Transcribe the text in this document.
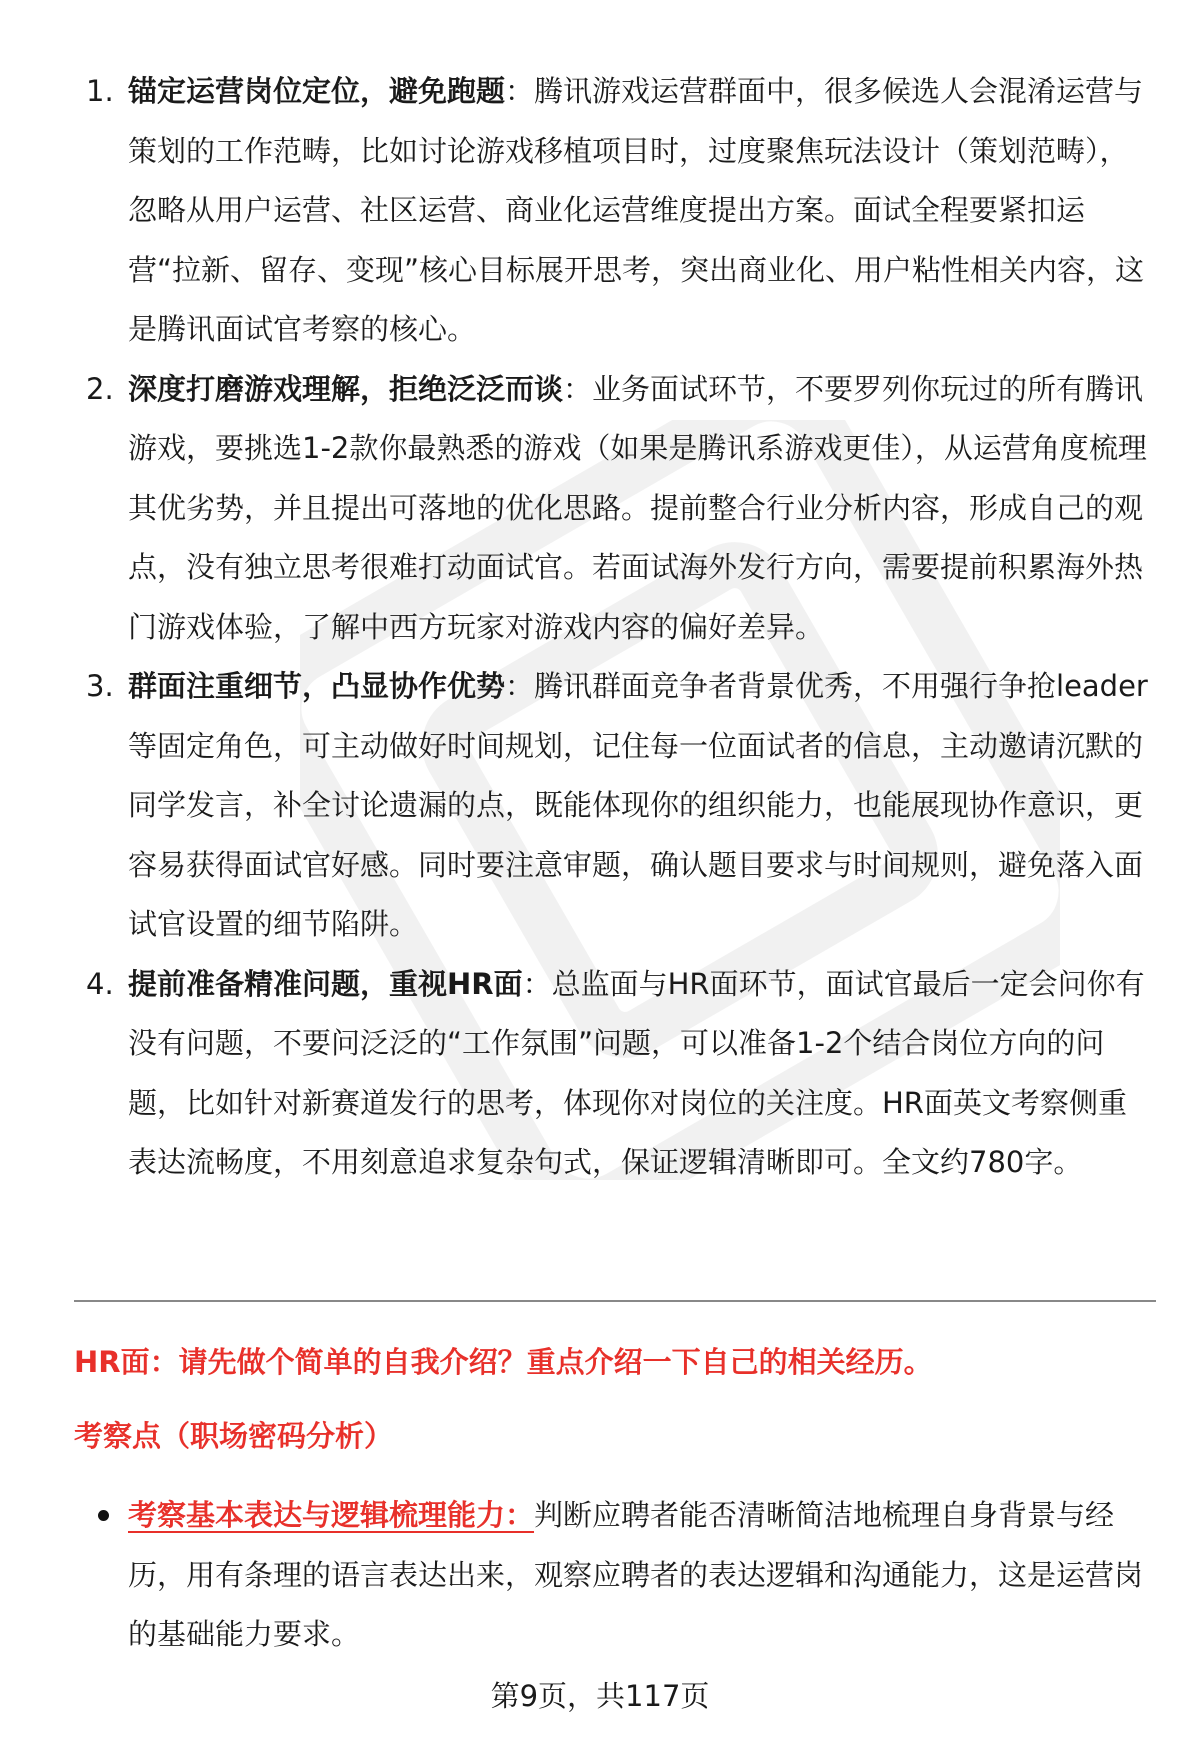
1. 锚定运营岗位定位，避免跑题：腾讯游戏运营群面中，很多候选人会混淆运营与策划的工作范畴，比如讨论游戏移植项目时，过度聚焦玩法设计（策划范畴），忽略从用户运营、社区运营、商业化运营维度提出方案。面试全程要紧扣运营“拉新、留存、变现”核心目标展开思考，突出商业化、用户粘性相关内容，这是腾讯面试官考察的核心。
2. 深度打磨游戏理解，拒绝泛泛而谈：业务面试环节，不要罗列你玩过的所有腾讯游戏，要挑选1-2款你最熟悉的游戏（如果是腾讯系游戏更佳），从运营角度梳理其优劣势，并且提出可落地的优化思路。提前整合行业分析内容，形成自己的观点，没有独立思考很难打动面试官。若面试海外发行方向，需要提前积累海外热门游戏体验，了解中西方玩家对游戏内容的偏好差异。
3. 群面注重细节，凸显协作优势：腾讯群面竞争者背景优秀，不用强行争抢leader等固定角色，可主动做好时间规划，记住每一位面试者的信息，主动邀请沉默的同学发言，补全讨论遗漏的点，既能体现你的组织能力，也能展现协作意识，更容易获得面试官好感。同时要注意审题，确认题目要求与时间规则，避免落入面试官设置的细节陷阱。
4. 提前准备精准问题，重视HR面：总监面与HR面环节，面试官最后一定会问你有没有问题，不要问泛泛的“工作氛围”问题，可以准备1-2个结合岗位方向的问题，比如针对新赛道发行的思考，体现你对岗位的关注度。HR面英文考察侧重表达流畅度，不用刻意追求复杂句式，保证逻辑清晰即可。全文约780字。
HR面：请先做个简单的自我介绍？重点介绍一下自己的相关经历。
考察点（职场密码分析）
考察基本表达与逻辑梳理能力：判断应聘者能否清晰简洁地梳理自身背景与经历，用有条理的语言表达出来，观察应聘者的表达逻辑和沟通能力，这是运营岗的基础能力要求。
第9页，共117页
